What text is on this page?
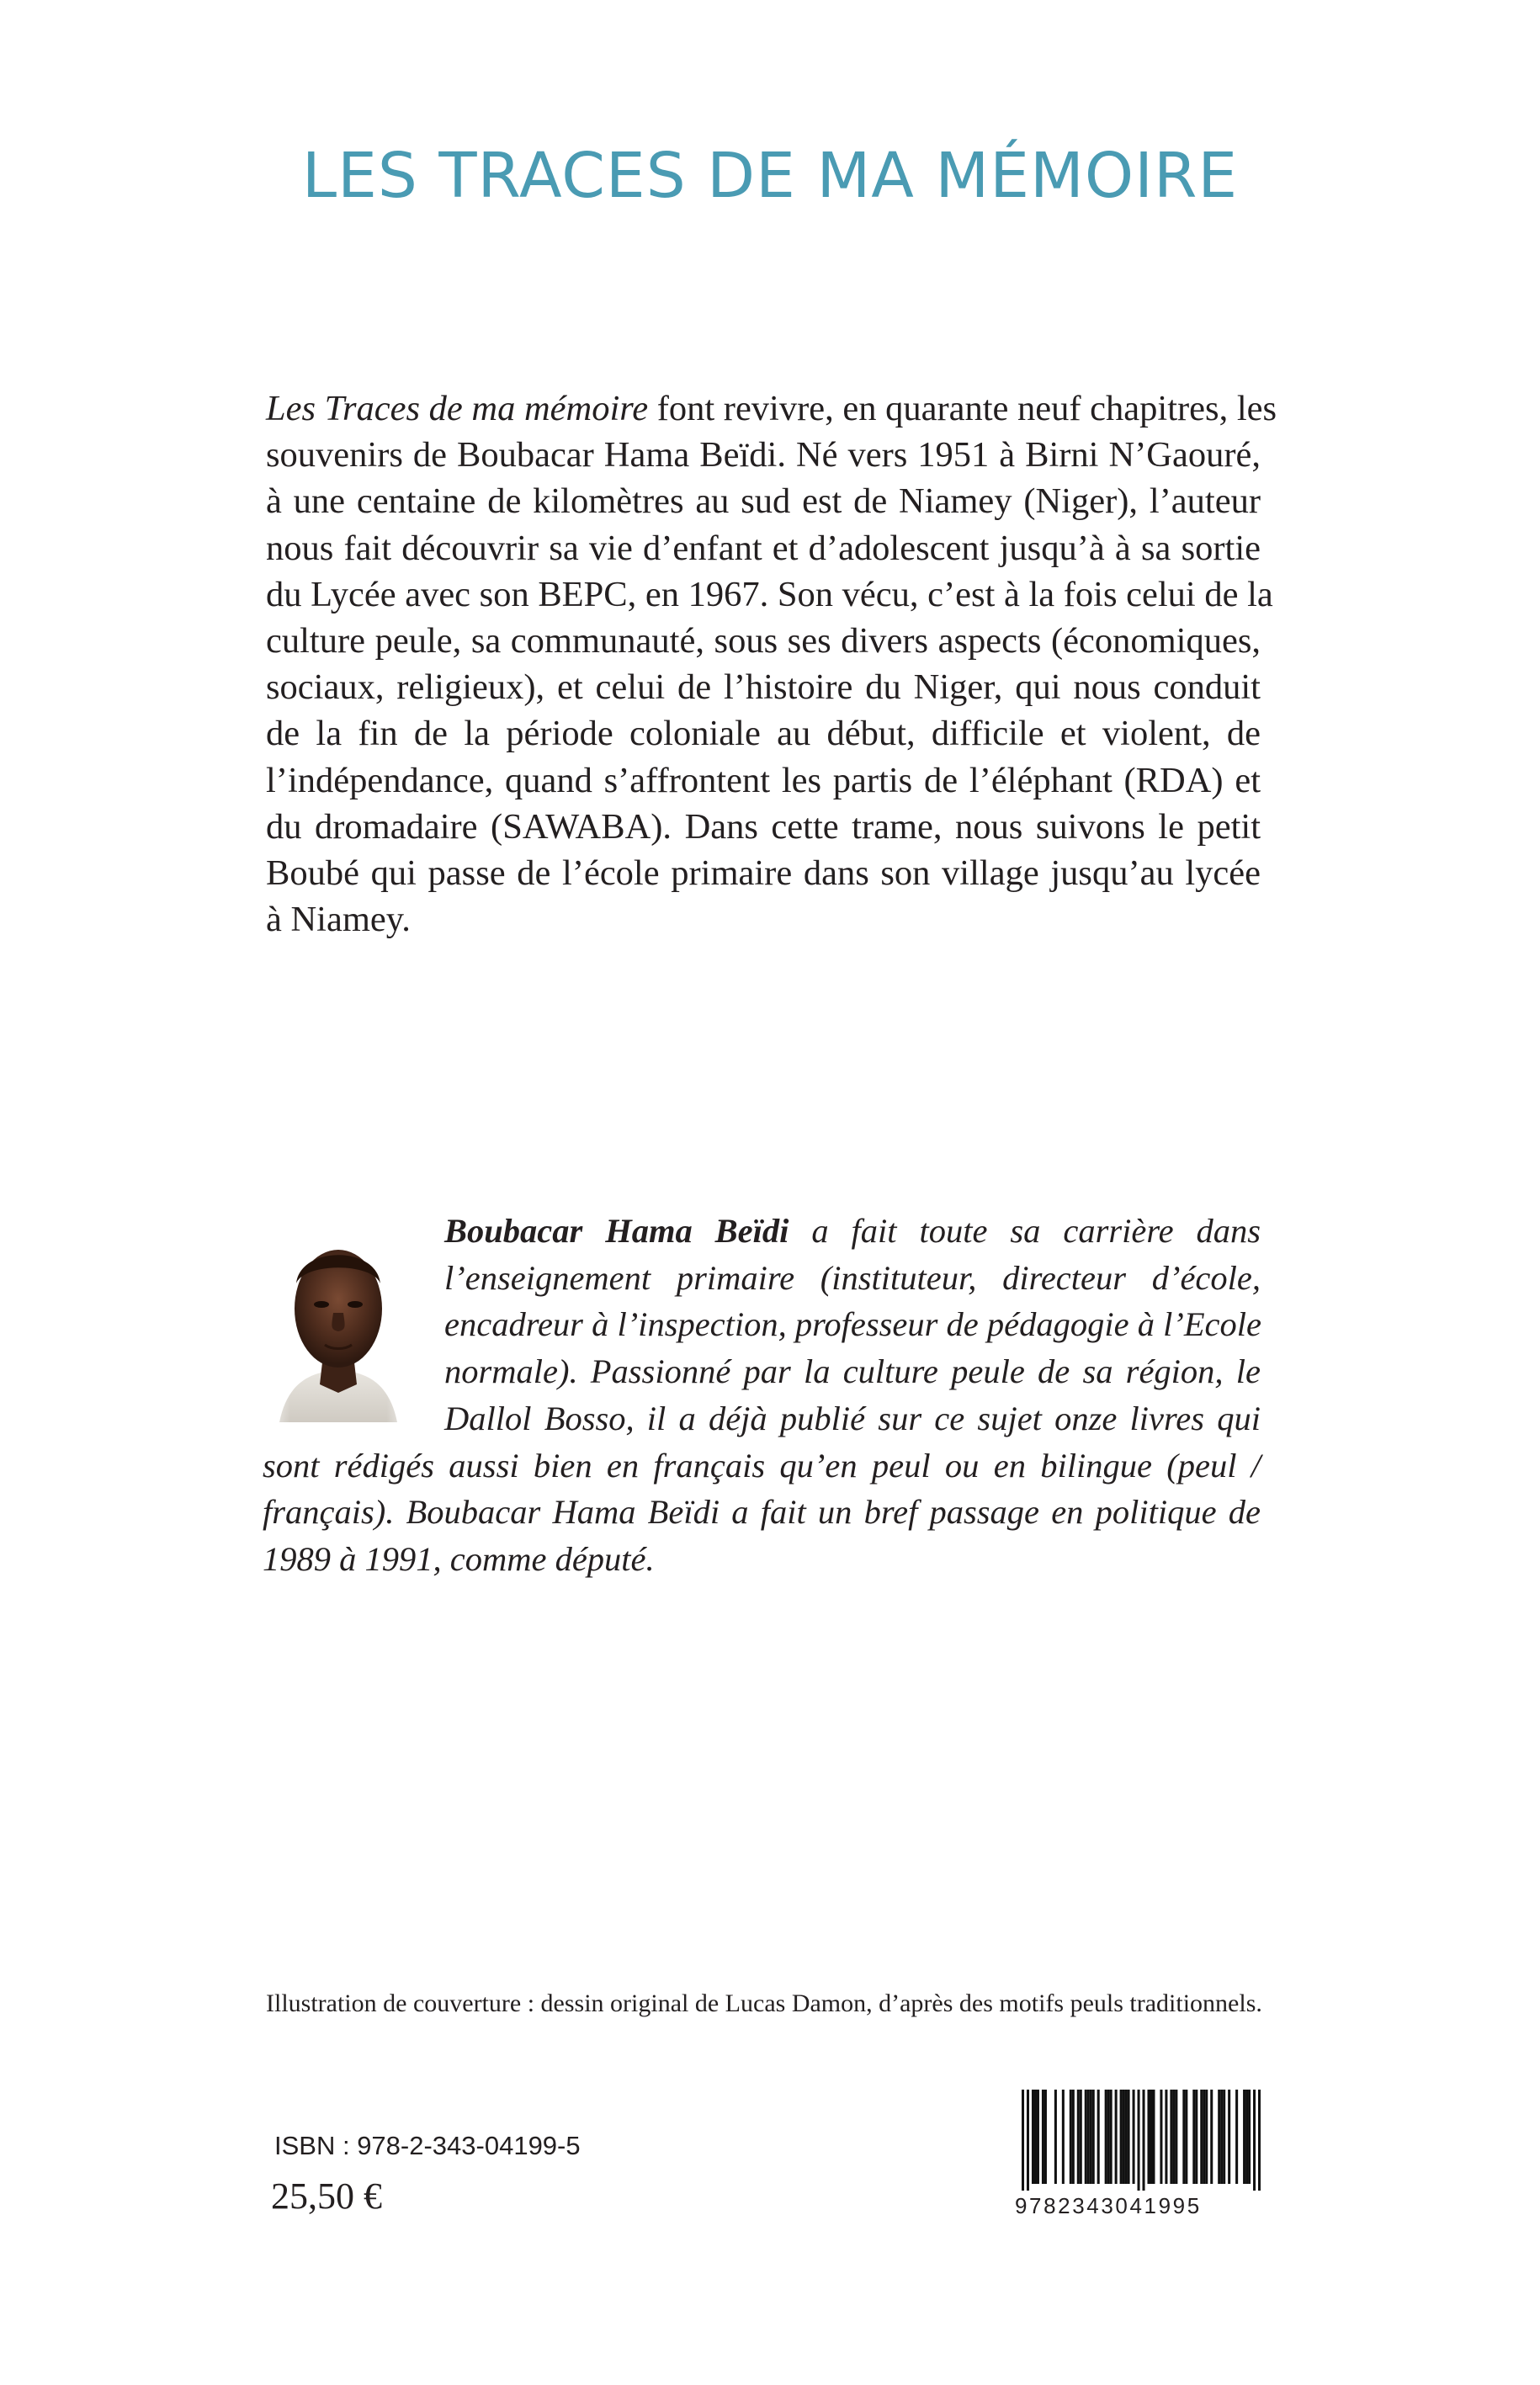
LES TRACES DE MA MÉMOIRE
Les Traces de ma mémoire font revivre, en quarante neuf chapitres, les
souvenirs de Boubacar Hama Beïdi. Né vers 1951 à Birni N’Gaouré,
à une centaine de kilomètres au sud est de Niamey (Niger), l’auteur
nous fait découvrir sa vie d’enfant et d’adolescent jusqu’à à sa sortie
du Lycée avec son BEPC, en 1967. Son vécu, c’est à la fois celui de la
culture peule, sa communauté, sous ses divers aspects (économiques,
sociaux, religieux), et celui de l’histoire du Niger, qui nous conduit
de la fin de la période coloniale au début, difficile et violent, de
l’indépendance, quand s’affrontent les partis de l’éléphant (RDA) et
du dromadaire (SAWABA). Dans cette trame, nous suivons le petit
Boubé qui passe de l’école primaire dans son village jusqu’au lycée
à Niamey.
Boubacar Hama Beïdi a fait toute sa carrière dans
l’enseignement primaire (instituteur, directeur d’école,
encadreur à l’inspection, professeur de pédagogie à l’Ecole
normale). Passionné par la culture peule de sa région, le
Dallol Bosso, il a déjà publié sur ce sujet onze livres qui
sont rédigés aussi bien en français qu’en peul ou en bilingue (peul /
français). Boubacar Hama Beïdi a fait un bref passage en politique de
1989 à 1991, comme député.
Illustration de couverture : dessin original de Lucas Damon, d’après des motifs peuls traditionnels.
ISBN : 978-2-343-04199-5
25,50 €	9782343041995
